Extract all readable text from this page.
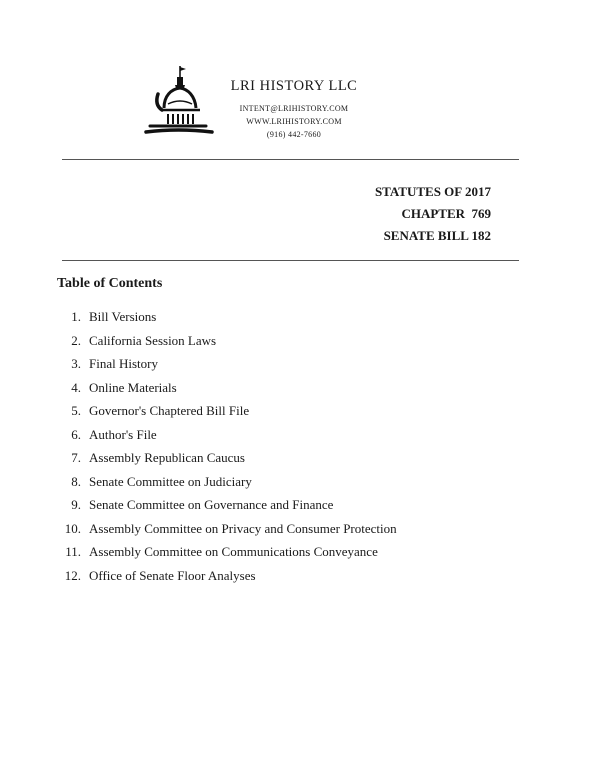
LRI HISTORY LLC
INTENT@LRIHISTORY.COM
WWW.LRIHISTORY.COM
(916) 442-7660
STATUTES OF 2017
CHAPTER  769
SENATE BILL 182
Table of Contents
1. Bill Versions
2. California Session Laws
3. Final History
4. Online Materials
5. Governor's Chaptered Bill File
6. Author's File
7. Assembly Republican Caucus
8. Senate Committee on Judiciary
9. Senate Committee on Governance and Finance
10. Assembly Committee on Privacy and Consumer Protection
11. Assembly Committee on Communications Conveyance
12. Office of Senate Floor Analyses
